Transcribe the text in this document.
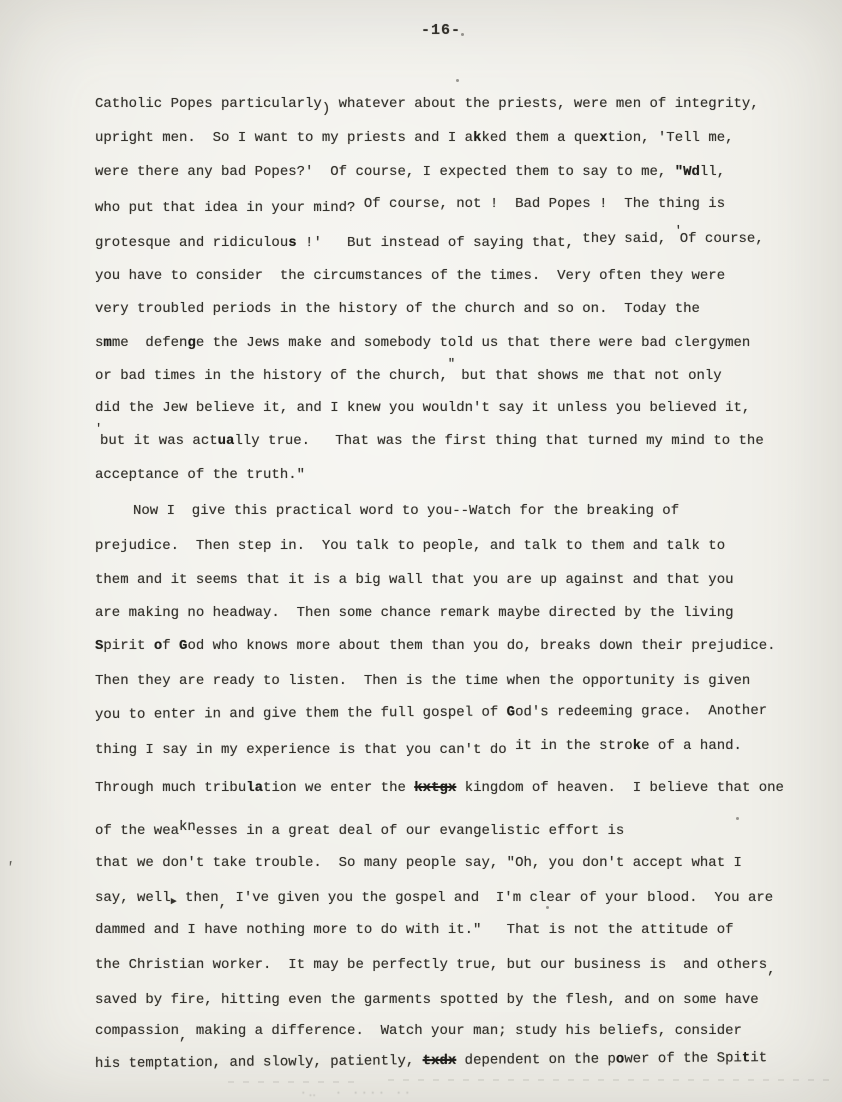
-16-
Catholic Popes particularly) whatever about the priests, were men of integrity,
upright men.  So I want to my priests and I akked them a quextion, 'Tell me,
were there any bad Popes?'  Of course, I expected them to say to me, "Wdll,
who put that idea in your mind? Of course, not !  Bad Popes !  The thing is
grotesque and ridiculous !'   But instead of saying that, they said, 'Of course,
you have to consider  the circumstances of the times.  Very often they were
very troubled periods in the history of the church and so on.  Today the
smme  defenge the Jews make and somebody told us that there were bad clergymen
or bad times in the history of the church," but that shows me that not only
did the Jew believe it, and I knew you wouldn't say it unless you believed it,
'but it was actually true.   That was the first thing that turned my mind to the
acceptance of the truth."
Now I  give this practical word to you--Watch for the breaking of
prejudice.  Then step in.  You talk to people, and talk to them and talk to
them and it seems that it is a big wall that you are up against and that you
are making no headway.  Then some chance remark maybe directed by the living
Spirit of God who knows more about them than you do, breaks down their prejudice.
Then they are ready to listen.  Then is the time when the opportunity is given
you to enter in and give them the full gospel of God's redeeming grace.  Another
thing I say in my experience is that you can't do it in the stroke of a hand.
Through much tribulation we enter the kxtgx kingdom of heaven.  I believe that one
of the weaknesses in a great deal of our evangelistic effort is
that we don't take trouble.  So many people say, "Oh, you don't accept what I
say, well$_►$ then, I've given you the gospel and  I'm clear of your blood.  You are
dammed and I have nothing more to do with it."   That is not the attitude of
the Christian worker.  It may be perfectly true, but our business is  and others,
saved by fire, hitting even the garments spotted by the flesh, and on some have
compassion, making a difference.  Watch your man; study his beliefs, consider
his temptation, and slowly, patiently, txdx dependent on the power of the Spitit
‚
·‥  · ···· ··
